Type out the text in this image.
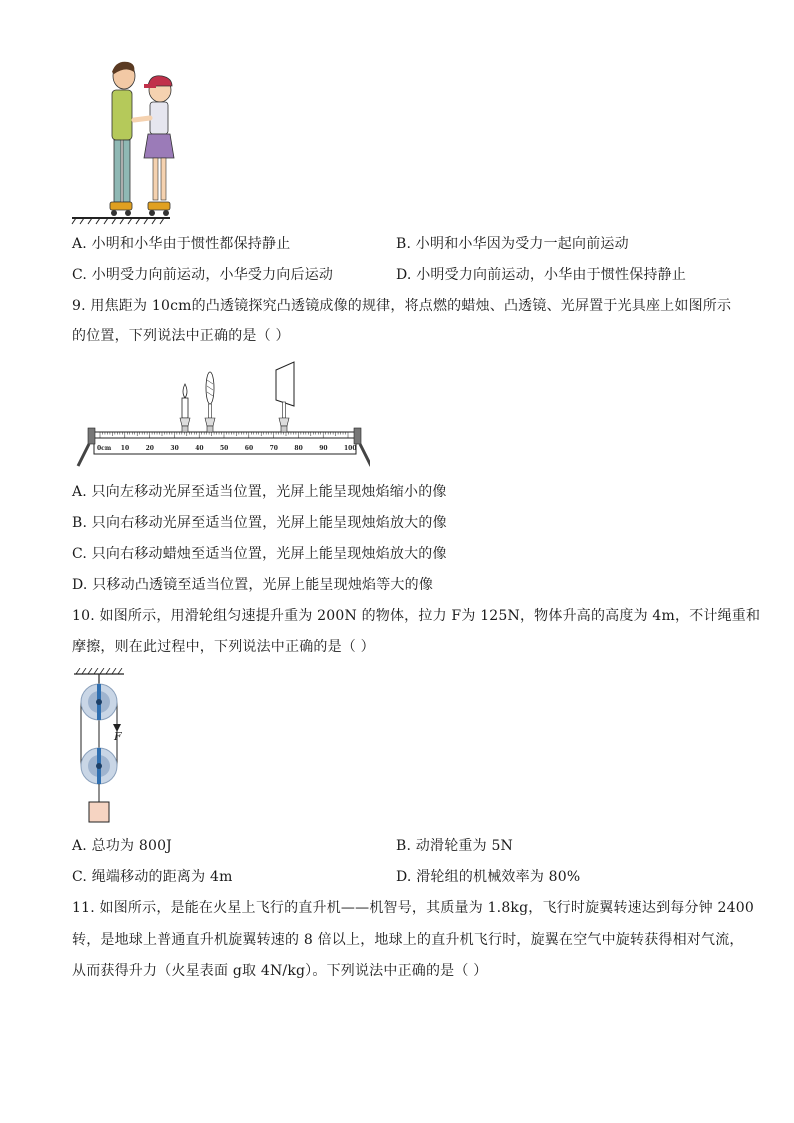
A. 小明和小华由于惯性都保持静止	B. 小明和小华因为受力一起向前运动
C. 小明受力向前运动，小华受力向后运动	D. 小明受力向前运动，小华由于惯性保持静止
9. 用焦距为 10cm的凸透镜探究凸透镜成像的规律，将点燃的蜡烛、凸透镜、光屏置于光具座上如图所示
的位置，下列说法中正确的是（ ）
0cm 10	20	30	40	50	60	70	80	90	100
A. 只向左移动光屏至适当位置，光屏上能呈现烛焰缩小的像
B. 只向右移动光屏至适当位置，光屏上能呈现烛焰放大的像
C. 只向右移动蜡烛至适当位置，光屏上能呈现烛焰放大的像
D. 只移动凸透镜至适当位置，光屏上能呈现烛焰等大的像
10. 如图所示，用滑轮组匀速提升重为 200N 的物体，拉力 F为 125N，物体升高的高度为 4m，不计绳重和
摩擦，则在此过程中，下列说法中正确的是（ ）
F
A. 总功为 800J	B. 动滑轮重为 5N
C. 绳端移动的距离为 4m	D. 滑轮组的机械效率为 80%
11. 如图所示，是能在火星上飞行的直升机——机智号，其质量为 1.8kg，飞行时旋翼转速达到每分钟 2400
转，是地球上普通直升机旋翼转速的 8 倍以上，地球上的直升机飞行时，旋翼在空气中旋转获得相对气流，
从而获得升力（火星表面 g取 4N/kg）。下列说法中正确的是（ ）
